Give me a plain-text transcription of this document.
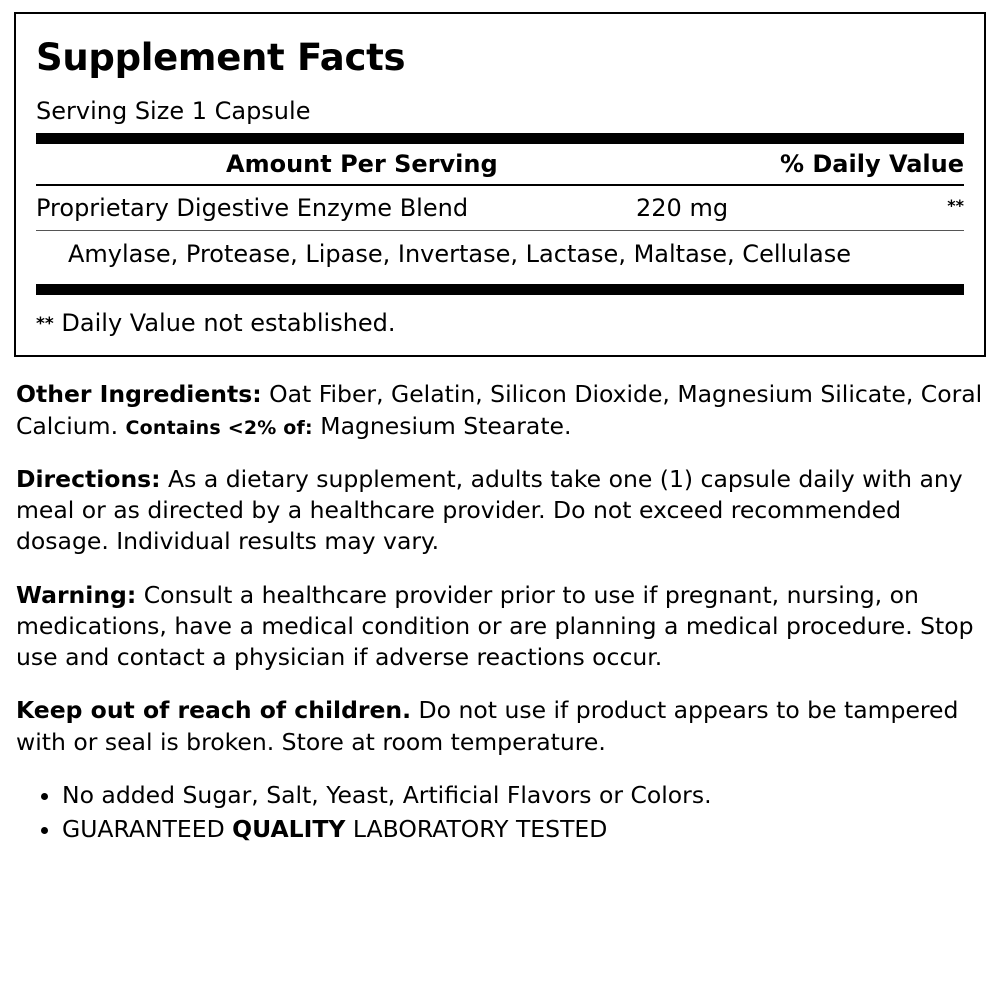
Supplement Facts
Serving Size 1 Capsule
Amount Per Serving	% Daily Value
Proprietary Digestive Enzyme Blend	220 mg	**
Amylase, Protease, Lipase, Invertase, Lactase, Maltase, Cellulase
** Daily Value not established.

Other Ingredients: Oat Fiber, Gelatin, Silicon Dioxide, Magnesium Silicate, Coral Calcium. Contains <2% of: Magnesium Stearate.

Directions: As a dietary supplement, adults take one (1) capsule daily with any meal or as directed by a healthcare provider. Do not exceed recommended dosage. Individual results may vary.

Warning: Consult a healthcare provider prior to use if pregnant, nursing, on medications, have a medical condition or are planning a medical procedure. Stop use and contact a physician if adverse reactions occur.

Keep out of reach of children. Do not use if product appears to be tampered with or seal is broken. Store at room temperature.

• No added Sugar, Salt, Yeast, Artificial Flavors or Colors.
• GUARANTEED QUALITY LABORATORY TESTED
